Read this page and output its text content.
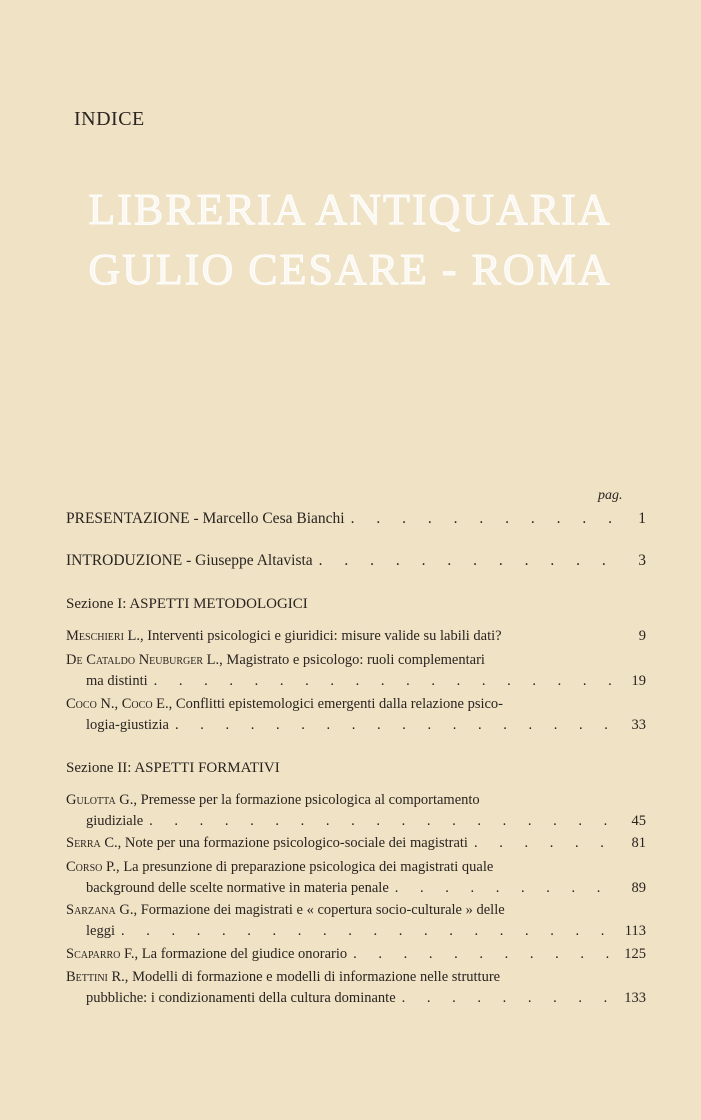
INDICE
LIBRERIA ANTIQUARIA GULIO CESARE - ROMA
pag.
PRESENTAZIONE - Marcello Cesa Bianchi . . .	1
INTRODUZIONE - Giuseppe Altavista . . .	3
Sezione I: ASPETTI METODOLOGICI
Meschieri L., Interventi psicologici e giuridici: misure valide su labili dati?	9
De Cataldo Neuburger L., Magistrato e psicologo: ruoli complementari
ma distinti . . .	19
Coco N., Coco E., Conflitti epistemologici emergenti dalla relazione psico-
logia-giustizia . . .	33
Sezione II: ASPETTI FORMATIVI
Gulotta G., Premesse per la formazione psicologica al comportamento
giudiziale . . .	45
Serra C., Note per una formazione psicologico-sociale dei magistrati . . .	81
Corso P., La presunzione di preparazione psicologica dei magistrati quale
background delle scelte normative in materia penale . . .	89
Sarzana G., Formazione dei magistrati e « copertura socio-culturale » delle
leggi . . .	113
Scaparro F., La formazione del giudice onorario . . .	125
Bettini R., Modelli di formazione e modelli di informazione nelle strutture
pubbliche: i condizionamenti della cultura dominante . . .	133
